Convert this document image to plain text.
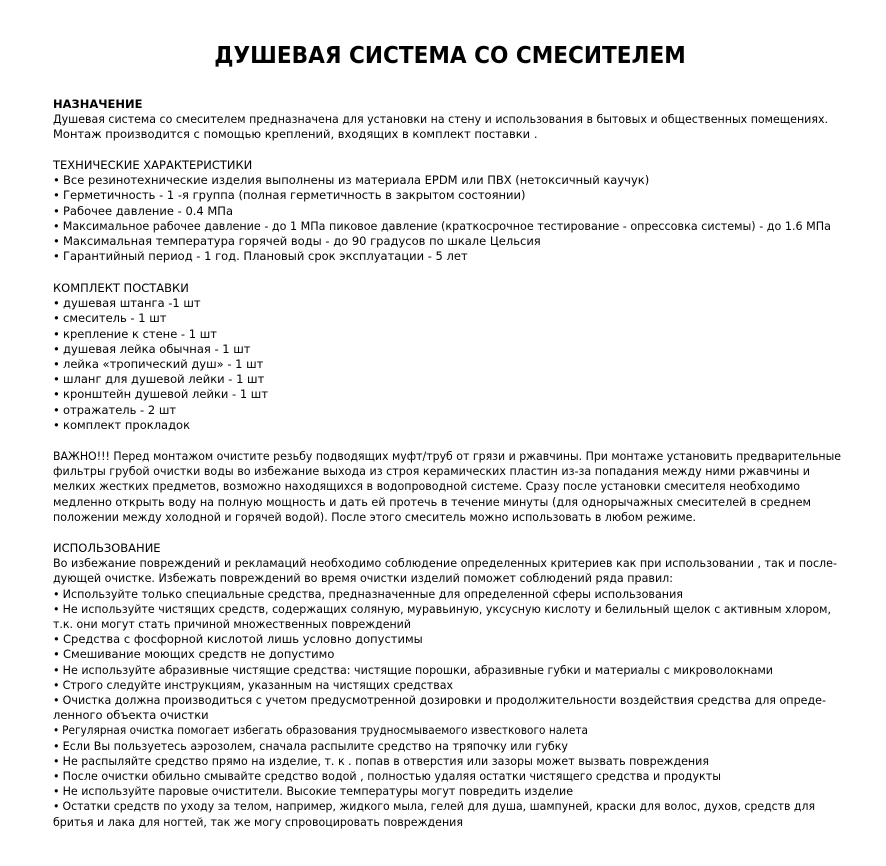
ДУШЕВАЯ СИСТЕМА СО СМЕСИТЕЛЕМ
НАЗНАЧЕНИЕ
Душевая система со смесителем предназначена для установки на стену и использования в бытовых и общественных помещениях.
Монтаж производится с помощью креплений, входящих в комплект поставки .
ТЕХНИЧЕСКИЕ ХАРАКТЕРИСТИКИ
• Все резинотехнические изделия выполнены из материала EPDM или ПВХ (нетоксичный каучук)
• Герметичность - 1 -я группа (полная герметичность в закрытом состоянии)
• Рабочее давление - 0.4 МПа
• Максимальное рабочее давление - до 1 МПа пиковое давление (краткосрочное тестирование - опрессовка системы) - до 1.6 МПа
• Максимальная температура горячей воды - до 90 градусов по шкале Цельсия
• Гарантийный период - 1 год. Плановый срок эксплуатации - 5 лет
КОМПЛЕКТ ПОСТАВКИ
• душевая штанга -1 шт
• смеситель - 1 шт
• крепление к стене - 1 шт
• душевая лейка обычная - 1 шт
• лейка «тропический душ» - 1 шт
• шланг для душевой лейки - 1 шт
• кронштейн душевой лейки - 1 шт
• отражатель - 2 шт
• комплект прокладок
ВАЖНО!!! Перед монтажом очистите резьбу подводящих муфт/труб от грязи и ржавчины. При монтаже установить предварительные
фильтры грубой очистки воды во избежание выхода из строя керамических пластин из-за попадания между ними ржавчины и
мелких жестких предметов, возможно находящихся в водопроводной системе. Сразу после установки смесителя необходимо
медленно открыть воду на полную мощность и дать ей протечь в течение минуты (для однорычажных смесителей в среднем
положении между холодной и горячей водой). После этого смеситель можно использовать в любом режиме.
ИСПОЛЬЗОВАНИЕ
Во избежание повреждений и рекламаций необходимо соблюдение определенных критериев как при использовании , так и после-
дующей очистке. Избежать повреждений во время очистки изделий поможет соблюдений ряда правил:
• Используйте только специальные средства, предназначенные для определенной сферы использования
• Не используйте чистящих средств, содержащих соляную, муравьиную, уксусную кислоту и белильный щелок с активным хлором,
т.к. они могут стать причиной множественных повреждений
• Средства с фосфорной кислотой лишь условно допустимы
• Смешивание моющих средств не допустимо
• Не используйте абразивные чистящие средства: чистящие порошки, абразивные губки и материалы с микроволокнами
• Строго следуйте инструкциям, указанным на чистящих средствах
• Очистка должна производиться с учетом предусмотренной дозировки и продолжительности воздействия средства для опреде-
ленного объекта очистки
• Регулярная очистка помогает избегать образования трудносмываемого известкового налета
• Если Вы пользуетесь аэрозолем, сначала распылите средство на тряпочку или губку
• Не распыляйте средство прямо на изделие, т. к . попав в отверстия или зазоры может вызвать повреждения
• После очистки обильно смывайте средство водой , полностью удаляя остатки чистящего средства и продукты
• Не используйте паровые очистители. Высокие температуры могут повредить изделие
• Остатки средств по уходу за телом, например, жидкого мыла, гелей для душа, шампуней, краски для волос, духов, средств для
бритья и лака для ногтей, так же могу спровоцировать повреждения
